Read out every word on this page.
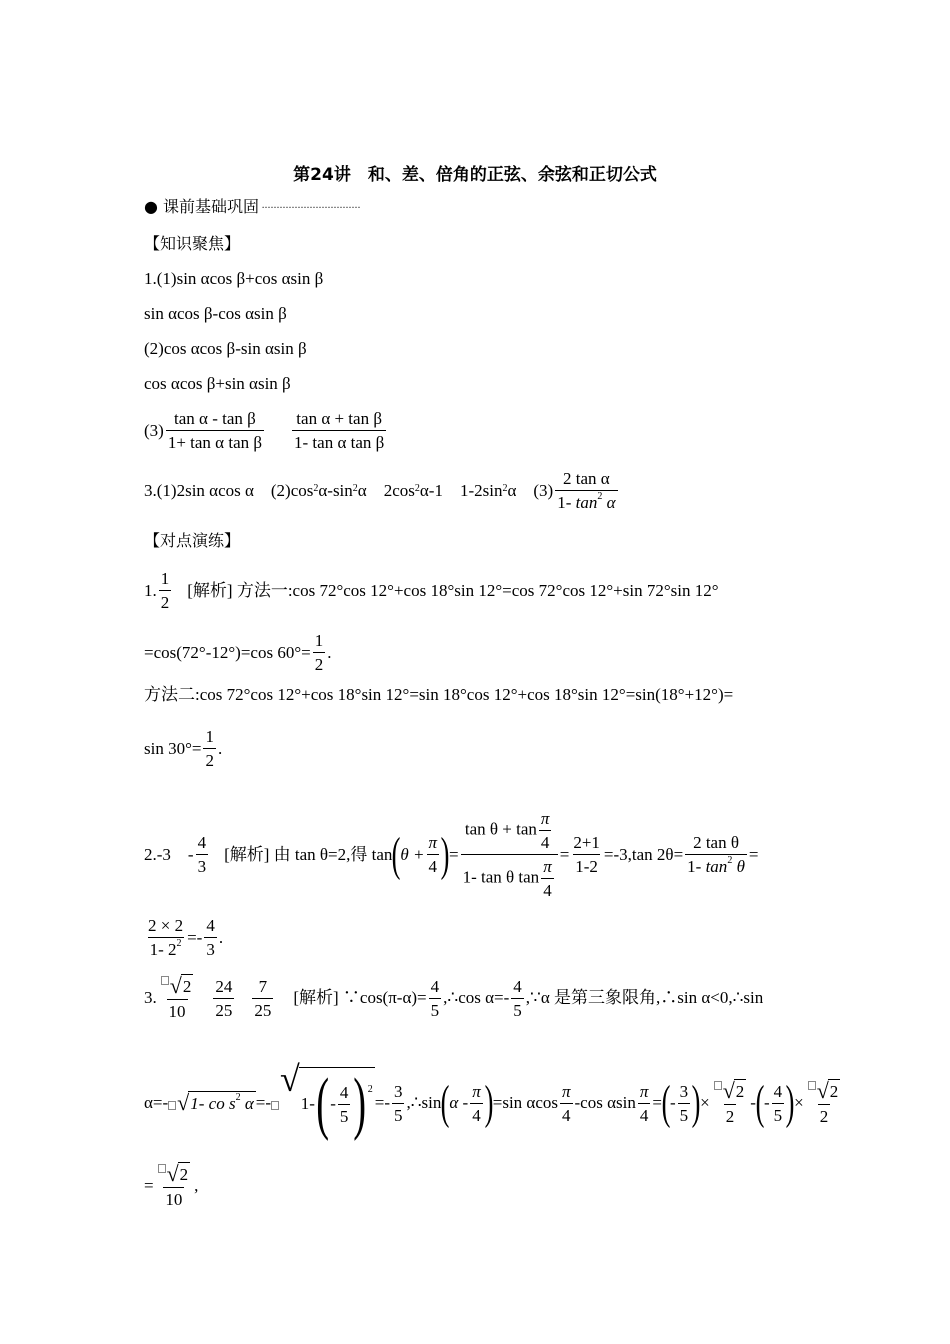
第24讲　和、差、倍角的正弦、余弦和正切公式
● 课前基础巩固 ·································
【知识聚焦】
1.(1)sin αcos β+cos αsin β
sin αcos β-cos αsin β
(2)cos αcos β-sin αsin β
cos αcos β+sin αsin β
$(3) \frac{\text{tan α - tan β}}{\text{1+ tan α tan β}} \frac{\text{tan α + tan β}}{\text{1- tan α tan β}}$
3.(1)2sin αcos α　$(2)\cos^2$ $\alpha-\sin^2$ α　$2\cos^2$ α-1　$1-2\sin^2$ α　$(3) \frac{\text{2 tan α}}{1- \tan^2 \alpha}$
【对点演练】
1. $\frac{1}{2}$ [解析] 方法一:cos 72°cos 12°+cos 18°sin 12°=cos 72°cos 12°+sin 72°sin 12°
=cos(72°-12°)=cos $60^\circ= \frac{1}{2}$ .
方法二:cos 72°cos 12°+cos 18°sin 12°=sin 18°cos 12°+cos 18°sin 12°=sin(18°+12°)=
$\sin 30^\circ= \frac{1}{2}$ .
2.-3　- $\frac{4}{3}$ [解析] 由 tan θ=2,得 tan ( $\theta + \frac{\pi}{4}$ ) = $\frac{\tan \theta + \tan \frac{\pi}{4}}{1- \tan \theta \tan \frac{\pi}{4}} = \frac{2+1}{1-2} =-3,\tan$ $2\theta= \frac{\text{2 tan θ}}{1- \tan^2 \theta}$ =
$\frac{2 \times 2}{1- 2^2} =- \frac{4}{3}$ .
3. $\frac{√ 2}{10} \frac{24}{25} \frac{7}{25}$ [解析] ∵cos(π-α)= $\frac{4}{5}$ ,∴cos $\alpha=- \frac{4}{5}$ ,∵α 是第三象限角,∴sin α<0,∴sin
α=- √ 1- co $s^2$ α =-
√
1- ( - $\frac{4}{5} )^2$
=- $\frac{3}{5}$ ,∴sin ( α - $\frac{\pi}{4}$ ) =sin αcos $\frac{\pi}{4} -\cos$ αsin $\frac{\pi}{4}$ = ( - $\frac{3}{5}$ ) × $\frac{√ 2}{2}$ - ( - $\frac{4}{5}$ ) × $\frac{√ 2}{2}$
= $\frac{√ 2}{10}$ ,
